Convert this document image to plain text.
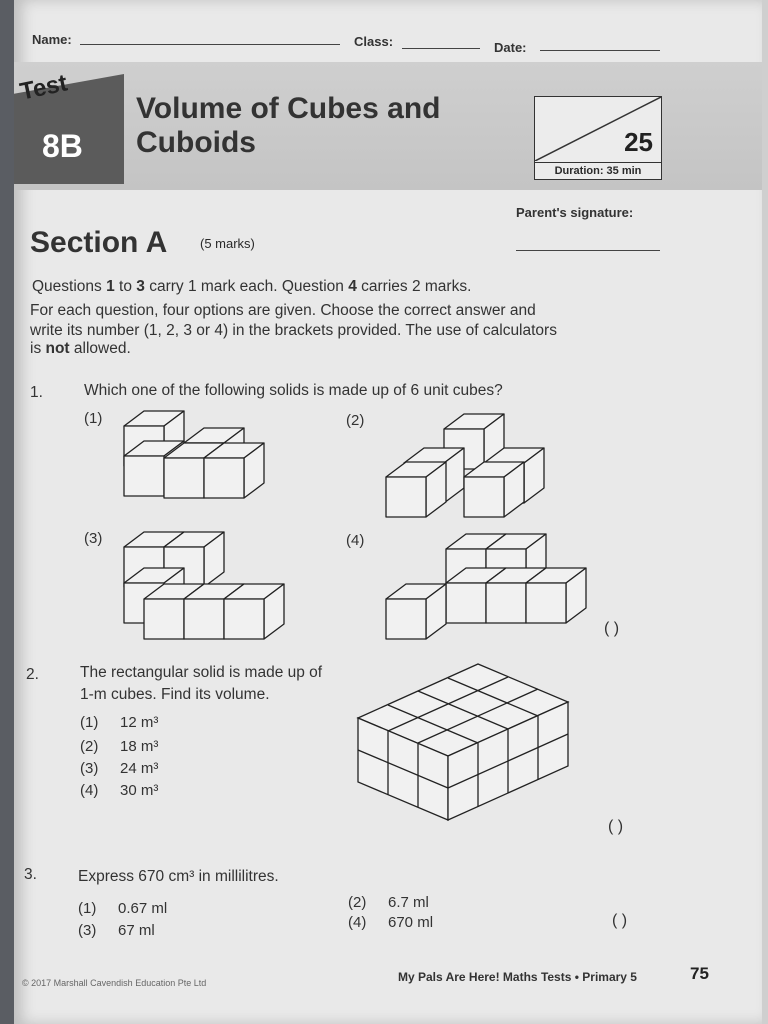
Name:	Class:	Date:
Test
8B
Volume of Cubes and
Cuboids	25
Duration: 35 min
Parent's signature:
Section A	(5 marks)
Questions 1 to 3 carry 1 mark each. Question 4 carries 2 marks.
For each question, four options are given. Choose the correct answer and
write its number (1, 2, 3 or 4) in the brackets provided. The use of calculators
is not allowed.
1.	Which one of the following solids is made up of 6 unit cubes?
(1)	(2)
(3)	(4)
( )
2.	The rectangular solid is made up of
1-m cubes. Find its volume.
(1) 12 m³
(2) 18 m³
(3) 24 m³
(4) 30 m³
( )
3.	Express 670 cm³ in millilitres.
(1) 0.67 ml	(2) 6.7 ml
(3) 67 ml	(4) 670 ml	( )
© 2017 Marshall Cavendish Education Pte Ltd	My Pals Are Here! Maths Tests • Primary 5	75
